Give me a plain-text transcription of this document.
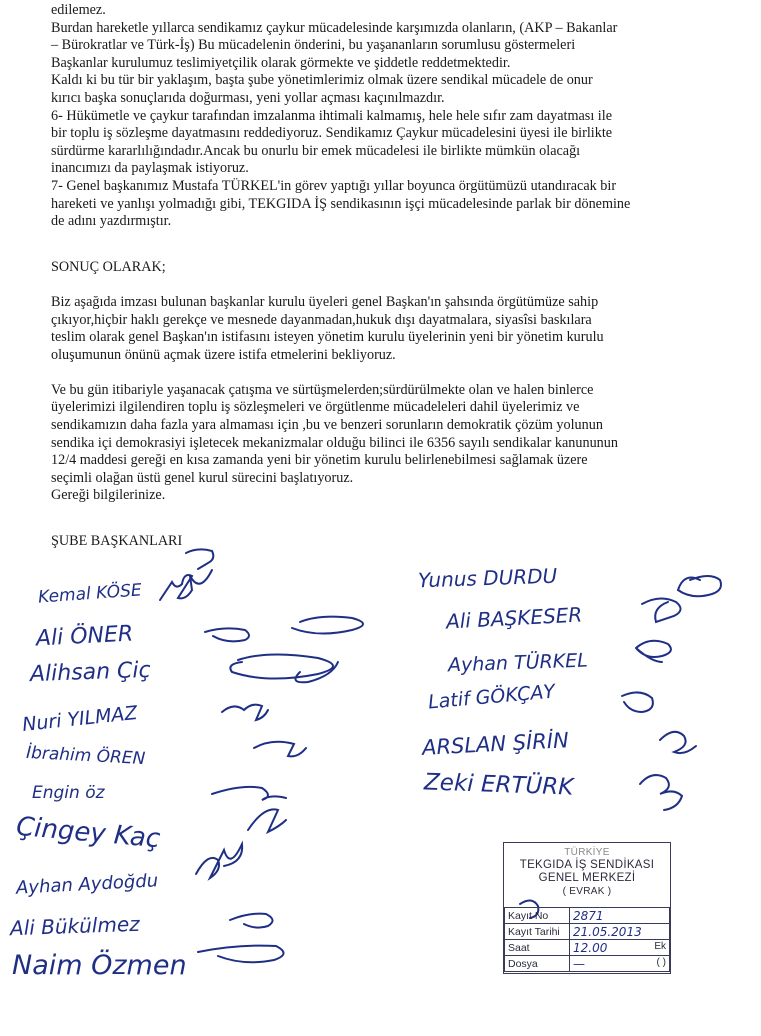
edilemez.

Burdan hareketle yıllarca sendikamız çaykur mücadelesinde karşımızda olanların, (AKP – Bakanlar

– Bürokratlar ve Türk-İş) Bu mücadelenin önderini, bu yaşananların sorumlusu göstermeleri

Başkanlar kurulumuz teslimiyetçilik olarak görmekte ve şiddetle reddetmektedir.

Kaldı ki bu tür bir yaklaşım, başta şube yönetimlerimiz olmak üzere sendikal mücadele de onur

kırıcı başka sonuçlarıda doğurması, yeni yollar açması kaçınılmazdır.

6- Hükümetle ve çaykur tarafından imzalanma ihtimali kalmamış, hele hele sıfır zam dayatması ile

bir toplu iş sözleşme dayatmasını reddediyoruz. Sendikamız Çaykur mücadelesini üyesi ile birlikte

sürdürme kararlılığındadır.Ancak bu onurlu bir emek mücadelesi ile birlikte mümkün olacağı

inancımızı da paylaşmak istiyoruz.

7- Genel başkanımız Mustafa TÜRKEL'in görev yaptığı yıllar boyunca örgütümüzü utandıracak bir

hareketi ve yanlışı yolmadığı gibi, TEKGIDA İŞ sendikasının işçi mücadelesinde parlak bir dönemine

de adını yazdırmıştır.

SONUÇ OLARAK;

Biz aşağıda imzası bulunan başkanlar kurulu üyeleri genel Başkan'ın şahsında örgütümüze sahip

çıkıyor,hiçbir haklı gerekçe ve mesnede dayanmadan,hukuk dışı dayatmalara, siyasîsi baskılara

teslim olarak genel Başkan'ın istifasını isteyen yönetim kurulu üyelerinin yeni bir yönetim kurulu

oluşumunun önünü açmak üzere istifa etmelerini bekliyoruz.

Ve bu gün itibariyle yaşanacak çatışma ve sürtüşmelerden;sürdürülmekte olan ve halen binlerce

üyelerimizi ilgilendiren toplu iş sözleşmeleri ve örgütlenme mücadeleleri dahil üyelerimiz ve

sendikamızın daha fazla yara almaması için ,bu ve benzeri sorunların demokratik çözüm yolunun

sendika içi demokrasiyi işletecek mekanizmalar olduğu bilinci ile 6356 sayılı sendikalar kanununun

12/4 maddesi gereği en kısa zamanda yeni bir yönetim kurulu belirlenebilmesi sağlamak üzere

seçimli olağan üstü genel kurul sürecini başlatıyoruz.

Gereği bilgilerinize.

ŞUBE BAŞKANLARI

Kemal KÖSE
Ali ÖNER
Alihsan Çiç
Nuri YILMAZ
İbrahim ÖREN
Engin öz
Çingey Kaç
Ayhan Aydoğdu
Ali Bükülmez
Naim Özmen
Yunus DURDU
Ali BAŞKESER
Ayhan TÜRKEL
Latif GÖKÇAY
ARSLAN ŞİRİN
Zeki ERTÜRK
TÜRKİYE
TEKGIDA İŞ SENDİKASI
GENEL MERKEZİ
( EVRAK )
Kayıt No	2871
Kayıt Tarihi	21.05.2013
Saat	12.00 Ek

Dosya	— ( )
